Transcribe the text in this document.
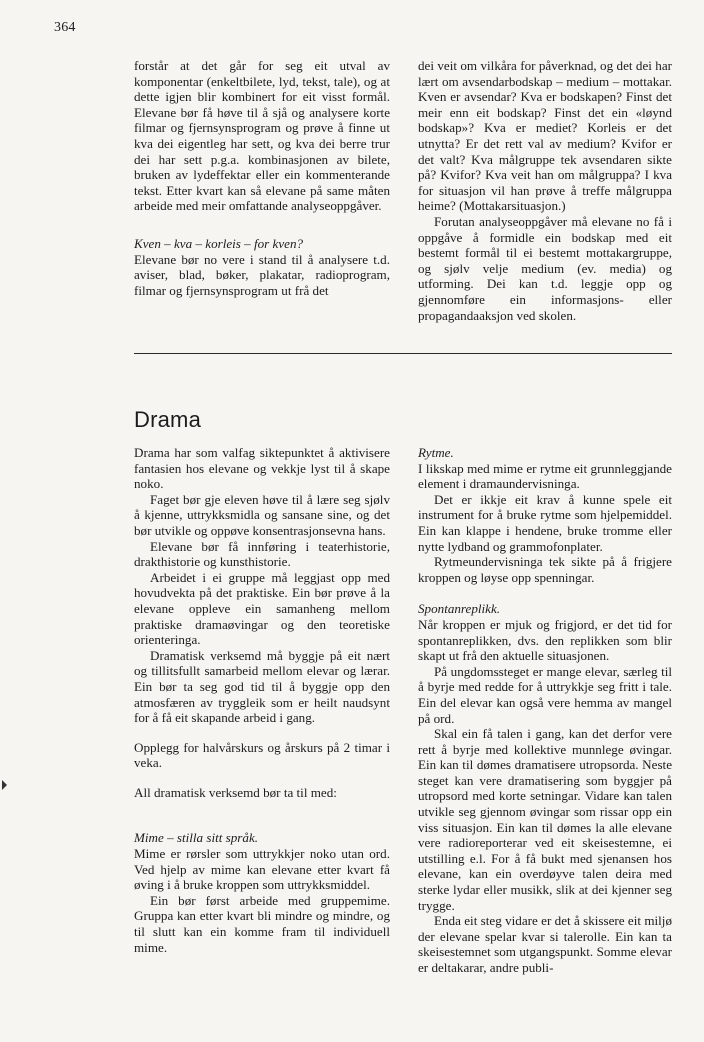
364

forstår at det går for seg eit utval av komponentar (enkeltbilete, lyd, tekst, tale), og at dette igjen blir kombinert for eit visst formål. Elevane bør få høve til å sjå og analysere korte filmar og fjernsynsprogram og prøve å finne ut kva dei eigentleg har sett, og kva dei berre trur dei har sett p.g.a. kombinasjonen av bilete, bruken av lydeffektar eller ein kommenterande tekst. Etter kvart kan så elevane på same måten arbeide med meir omfattande analyseoppgåver.

Kven – kva – korleis – for kven?

Elevane bør no vere i stand til å analysere t.d. aviser, blad, bøker, plakatar, radioprogram, filmar og fjernsynsprogram ut frå det

dei veit om vilkåra for påverknad, og det dei har lært om avsendarbodskap – medium – mottakar. Kven er avsendar? Kva er bodskapen? Finst det meir enn eit bodskap? Finst det ein «løynd bodskap»? Kva er mediet? Korleis er det utnytta? Er det rett val av medium? Kvifor er det valt? Kva målgruppe tek avsendaren sikte på? Kvifor? Kva veit han om målgruppa? I kva for situasjon vil han prøve å treffe målgruppa heime? (Mottakarsituasjon.)

Forutan analyseoppgåver må elevane no få i oppgåve å formidle ein bodskap med eit bestemt formål til ei bestemt mottakargruppe, og sjølv velje medium (ev. media) og utforming. Dei kan t.d. leggje opp og gjennomføre ein informasjons- eller propagandaaksjon ved skolen.

Drama

Drama har som valfag siktepunktet å aktivisere fantasien hos elevane og vekkje lyst til å skape noko.

Faget bør gje eleven høve til å lære seg sjølv å kjenne, uttrykksmidla og sansane sine, og det bør utvikle og oppøve konsentrasjonsevna hans.

Elevane bør få innføring i teaterhistorie, drakthistorie og kunsthistorie.

Arbeidet i ei gruppe må leggjast opp med hovudvekta på det praktiske. Ein bør prøve å la elevane oppleve ein samanheng mellom praktiske dramaøvingar og den teoretiske orienteringa.

Dramatisk verksemd må byggje på eit nært og tillitsfullt samarbeid mellom elevar og lærar. Ein bør ta seg god tid til å byggje opp den atmosfæren av tryggleik som er heilt naudsynt for å få eit skapande arbeid i gang.

Opplegg for halvårskurs og årskurs på 2 timar i veka.

All dramatisk verksemd bør ta til med:

Mime – stilla sitt språk.

Mime er rørsler som uttrykkjer noko utan ord. Ved hjelp av mime kan elevane etter kvart få øving i å bruke kroppen som uttrykksmiddel.

Ein bør først arbeide med gruppemime. Gruppa kan etter kvart bli mindre og mindre, og til slutt kan ein komme fram til individuell mime.

Rytme.

I likskap med mime er rytme eit grunnleggjande element i dramaundervisninga.

Det er ikkje eit krav å kunne spele eit instrument for å bruke rytme som hjelpemiddel. Ein kan klappe i hendene, bruke tromme eller nytte lydband og grammofonplater.

Rytmeundervisninga tek sikte på å frigjere kroppen og løyse opp spenningar.

Spontanreplikk.

Når kroppen er mjuk og frigjord, er det tid for spontanreplikken, dvs. den replikken som blir skapt ut frå den aktuelle situasjonen.

På ungdomssteget er mange elevar, særleg til å byrje med redde for å uttrykkje seg fritt i tale. Ein del elevar kan også vere hemma av mangel på ord.

Skal ein få talen i gang, kan det derfor vere rett å byrje med kollektive munnlege øvingar. Ein kan til dømes dramatisere utropsorda. Neste steget kan vere dramatisering som byggjer på utropsord med korte setningar. Vidare kan talen utvikle seg gjennom øvingar som rissar opp ein viss situasjon. Ein kan til dømes la alle elevane vere radioreporterar ved eit skeisestemne, ei utstilling e.l. For å få bukt med sjenansen hos elevane, kan ein overdøyve talen deira med sterke lydar eller musikk, slik at dei kjenner seg trygge.

Enda eit steg vidare er det å skissere eit miljø der elevane spelar kvar si talerolle. Ein kan ta skeisestemnet som utgangspunkt. Somme elevar er deltakarar, andre publi-
